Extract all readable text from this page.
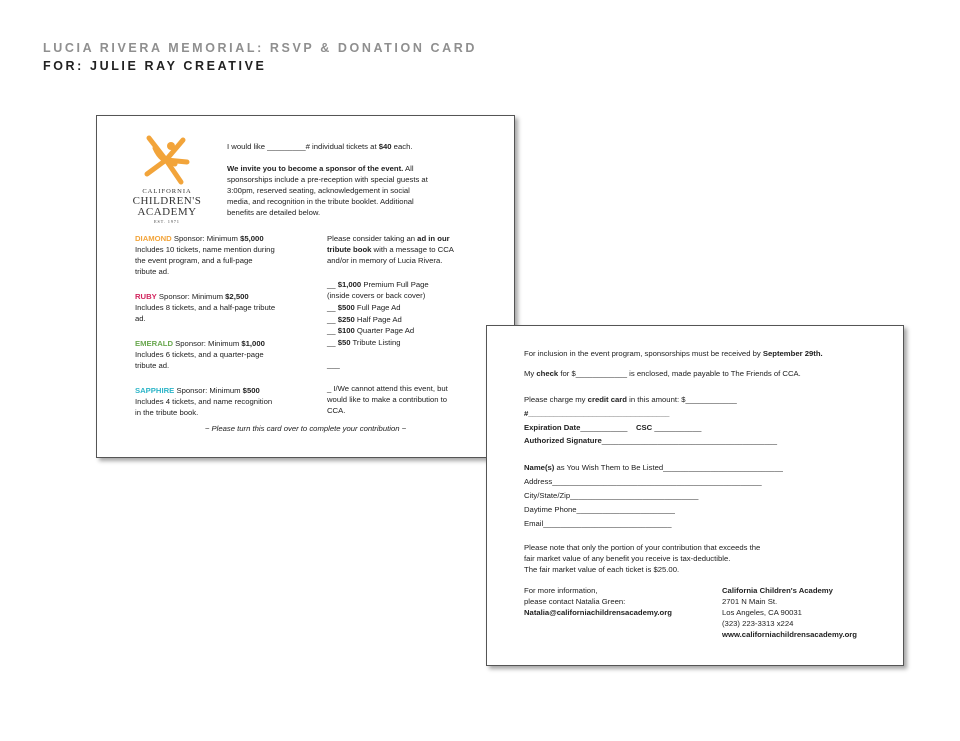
LUCIA RIVERA MEMORIAL: RSVP & DONATION CARD
FOR: JULIE RAY CREATIVE
CALIFORNIA
CHILDREN'S
ACADEMY
EST. 1971
I would like _________# individual tickets at $40 each.
We invite you to become a sponsor of the event. All
sponsorships include a pre-reception with special guests at
3:00pm, reserved seating, acknowledgement in social
media, and recognition in the tribute booklet. Additional
benefits are detailed below.
DIAMOND Sponsor: Minimum $5,000
Includes 10 tickets, name mention during
the event program, and a full-page
tribute ad.
RUBY Sponsor: Minimum $2,500
Includes 8 tickets, and a half-page tribute
ad.
EMERALD Sponsor: Minimum $1,000
Includes 6 tickets, and a quarter-page
tribute ad.
SAPPHIRE Sponsor: Minimum $500
Includes 4 tickets, and name recognition
in the tribute book.
Please consider taking an ad in our
tribute book with a message to CCA
and/or in memory of Lucia Rivera.
__ $1,000 Premium Full Page
(inside covers or back cover)
__ $500 Full Page Ad
__ $250 Half Page Ad
__ $100 Quarter Page Ad
__ $50 Tribute Listing
___
_ I/We cannot attend this event, but
would like to make a contribution to
CCA.
~ Please turn this card over to complete your contribution ~
For inclusion in the event program, sponsorships must be received by September 29th.
My check for $____________ is enclosed, made payable to The Friends of CCA.
Please charge my credit card in this amount: $____________
#_________________________________
Expiration Date___________ CSC ___________
Authorized Signature_________________________________________
Name(s) as You Wish Them to Be Listed____________________________
Address_________________________________________________
City/State/Zip______________________________
Daytime Phone_______________________
Email______________________________
Please note that only the portion of your contribution that exceeds the
fair market value of any benefit you receive is tax-deductible.
The fair market value of each ticket is $25.00.
For more information,
please contact Natalia Green:
Natalia@californiachildrensacademy.org
California Children's Academy
2701 N Main St.
Los Angeles, CA 90031
(323) 223-3313 x224
www.californiachildrensacademy.org
